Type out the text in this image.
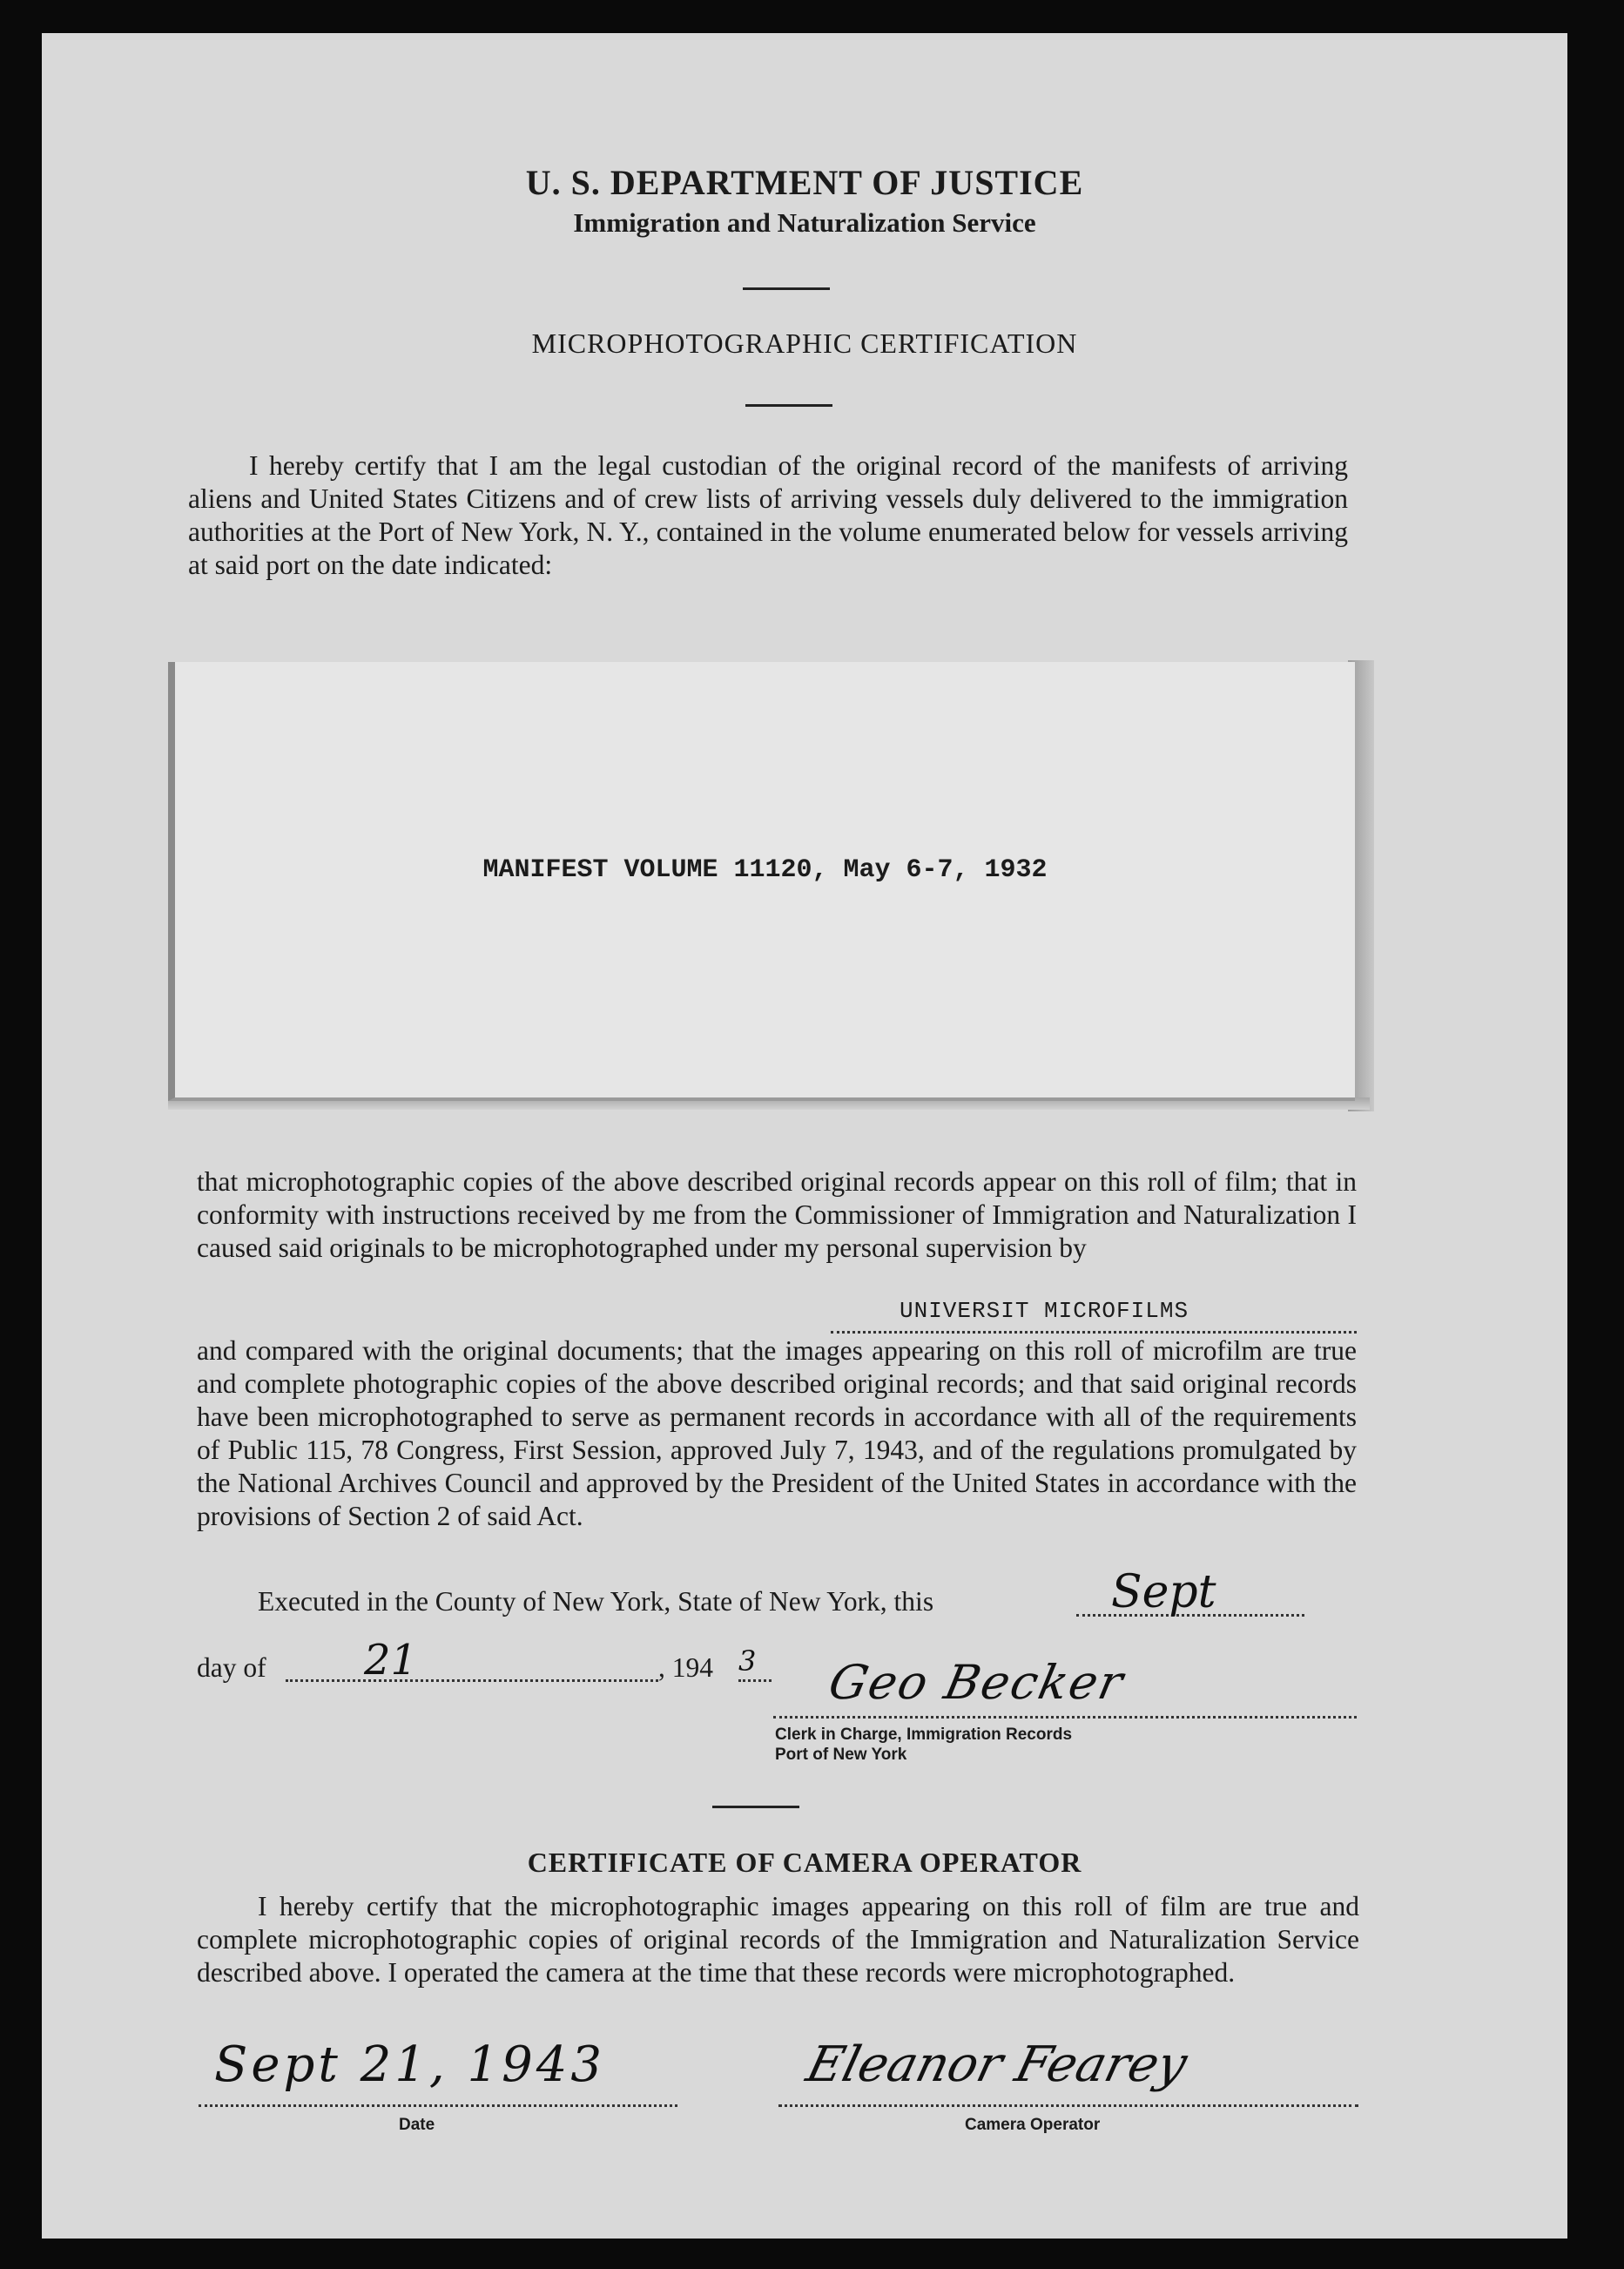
U. S. DEPARTMENT OF JUSTICE
Immigration and Naturalization Service
MICROPHOTOGRAPHIC CERTIFICATION

I hereby certify that I am the legal custodian of the original record of the manifests of arriving aliens and United States Citizens and of crew lists of arriving vessels duly delivered to the immigration authorities at the Port of New York, N. Y., contained in the volume enumerated below for vessels arriving at said port on the date indicated:

MANIFEST VOLUME 11120, May 6-7, 1932

that microphotographic copies of the above described original records appear on this roll of film; that in conformity with instructions received by me from the Commissioner of Immigration and Naturalization I caused said originals to be microphotographed under my personal supervision by

UNIVERSIT MICROFILMS

and compared with the original documents; that the images appearing on this roll of microfilm are true and complete photographic copies of the above described original records; and that said original records have been microphotographed to serve as permanent records in accordance with all of the requirements of Public 115, 78 Congress, First Session, approved July 7, 1943, and of the regulations promulgated by the National Archives Council and approved by the President of the United States in accordance with the provisions of Section 2 of said Act.

Executed in the County of New York, State of New York, this	Sept
day of	21	, 194 3 Geo Becker
Clerk in Charge, Immigration Records
Port of New York
CERTIFICATE OF CAMERA OPERATOR

I hereby certify that the microphotographic images appearing on this roll of film are true and complete microphotographic copies of original records of the Immigration and Naturalization Service described above. I operated the camera at the time that these records were microphotographed.

Sept 21, 1943
Date
Eleanor Fearey
Camera Operator
